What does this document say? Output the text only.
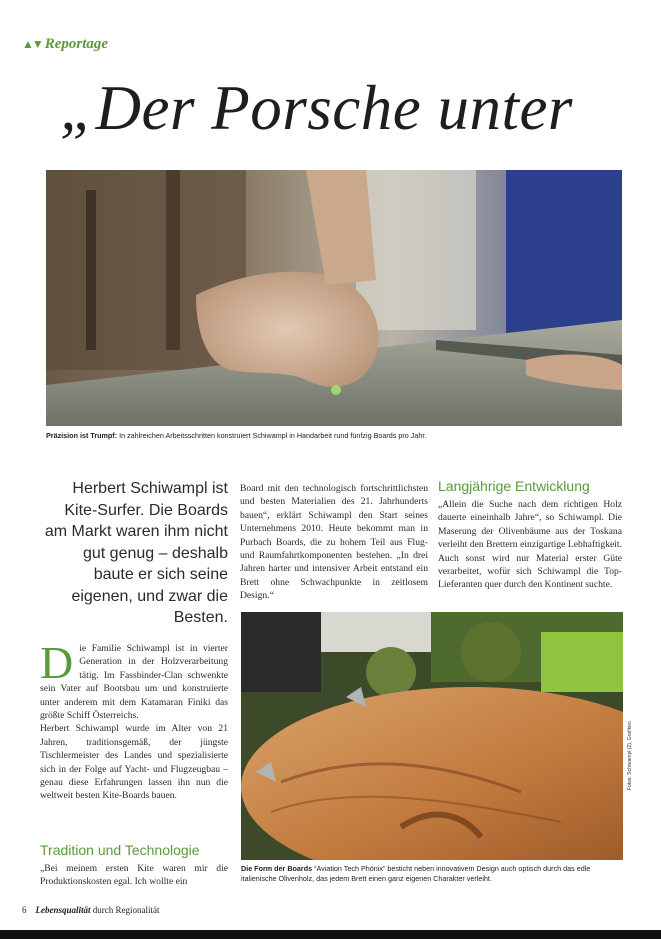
▲▼ Reportage
„Der Porsche unter
Präzision ist Trumpf: In zahlreichen Arbeitsschritten konstruiert Schiwampl in Handarbeit rund fünfzig Boards pro Jahr.
Herbert Schiwampl ist Kite-Surfer. Die Boards am Markt waren ihm nicht gut genug – deshalb baute er sich seine eigenen, und zwar die Besten.
Die Familie Schiwampl ist in vierter Generation in der Holzverarbeitung tätig. Im Fassbinder-Clan schwenkte sein Vater auf Bootsbau um und konstruierte unter anderem mit dem Katamaran Finiki das größte Schiff Österreichs.
Herbert Schiwampl wurde im Alter von 21 Jahren, traditionsgemäß, der jüngste Tischlermeister des Landes und spezialisierte sich in der Folge auf Yacht- und Flugzeugbau – genau diese Erfahrungen lassen ihn nun die weltweit besten Kite-Boards bauen.
Tradition und Technologie
„Bei meinem ersten Kite waren mir die Produktionskosten egal. Ich wollte ein
Board mit den technologisch fortschrittlichsten und besten Materialien des 21. Jahrhunderts bauen“, erklärt Schiwampl den Start seines Unternehmens 2010. Heute bekommt man in Purbach Boards, die zu hohem Teil aus Flug- und Raumfahrtkomponenten bestehen. „In drei Jahren harter und intensiver Arbeit entstand ein Brett ohne Schwachpunkte in zeitlosem Design.“
Langjährige Entwicklung
„Allein die Suche nach dem richtigen Holz dauerte eineinhalb Jahre“, so Schiwampl. Die Maserung der Olivenbäume aus der Toskana verleiht den Brettern einzigartige Lebhaftigkeit. Auch sonst wird nur Material erster Güte verarbeitet, wofür sich Schiwampl die Top-Lieferanten quer durch den Kontinent suchte.
Fotos: Schiwampl (2), Grafiken
Die Form der Boards “Aviation Tech Phönix” besticht neben innovativem Design auch optisch durch das edle italienische Olivenholz, das jedem Brett einen ganz eigenen Charakter verleiht.
6 Lebensqualität durch Regionalität
